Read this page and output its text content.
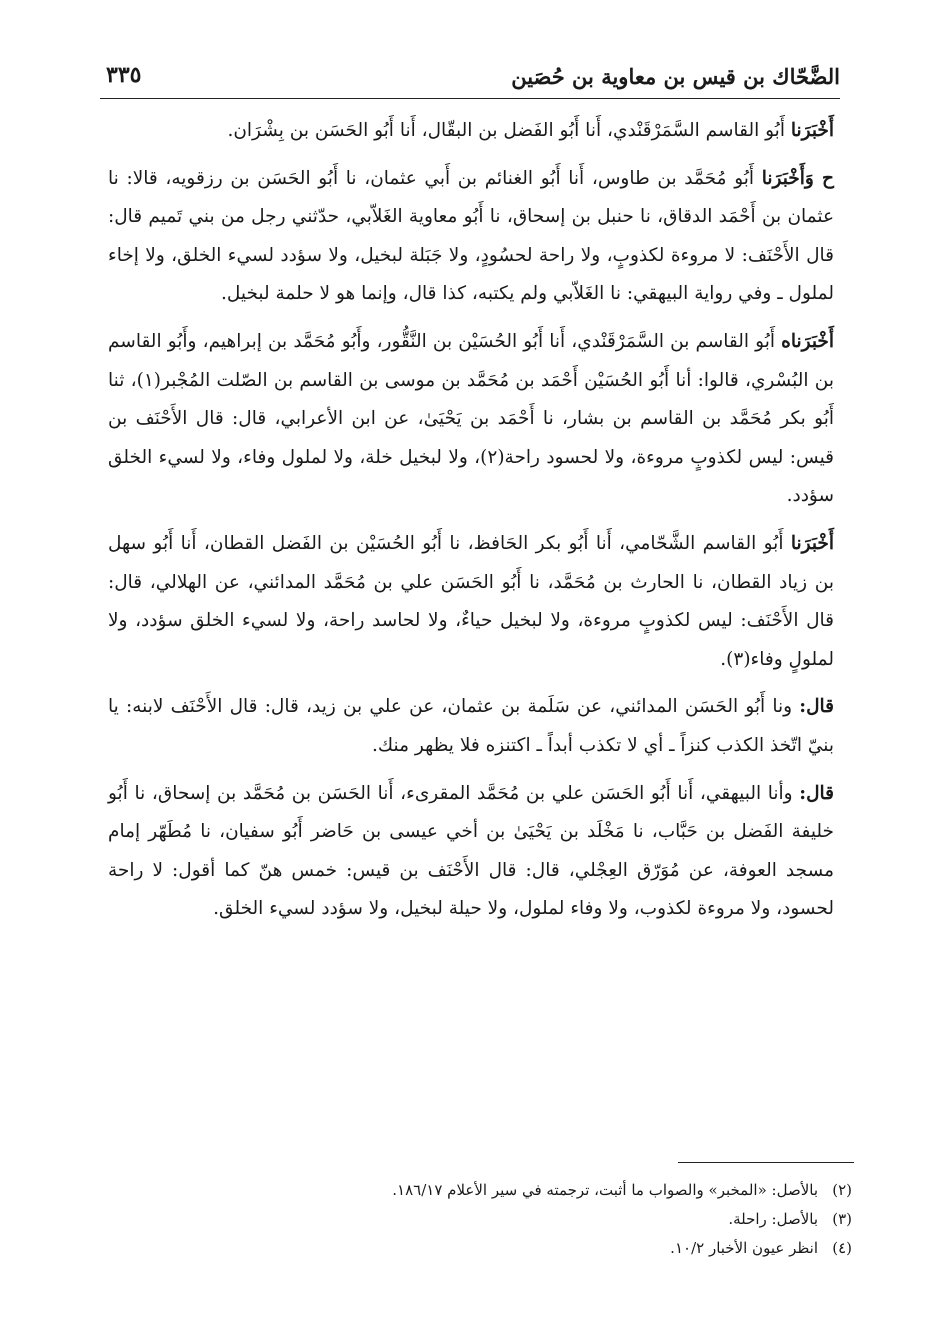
الضَّحّاك بن قيس بن معاوية بن حُصَين
٣٣٥

أَخْبَرَنا أَبُو القاسم السَّمَرْقَنْدي، أَنا أَبُو الفَضل بن البقّال، أَنا أَبُو الحَسَن بن بِشْرَان.

ح وَأَخْبَرَنا أَبُو مُحَمَّد بن طاوس، أَنا أَبُو الغنائم بن أَبي عثمان، نا أَبُو الحَسَن بن رزقويه، قالا: نا عثمان بن أَحْمَد الدقاق، نا حنبل بن إسحاق، نا أَبُو معاوية الغَلاّبي، حدّثني رجل من بني تَميم قال: قال الأَحْنَف: لا مروءة لكذوبٍ، ولا راحة لحسُودٍ، ولا جَبَلة لبخيل، ولا سؤدد لسيء الخلق، ولا إخاء لملول ـ وفي رواية البيهقي: نا الغَلاّبي ولم يكتبه، كذا قال، وإنما هو لا حلمة لبخيل.

أَخْبَرَناه أَبُو القاسم بن السَّمَرْقَنْدي، أَنا أَبُو الحُسَيْن بن النَّقُّور، وأَبُو مُحَمَّد بن إبراهيم، وأَبُو القاسم بن البُسْري، قالوا: أنا أَبُو الحُسَيْن أَحْمَد بن مُحَمَّد بن موسى بن القاسم بن الصّلت المُجْبر(١)، ثنا أَبُو بكر مُحَمَّد بن القاسم بن بشار، نا أَحْمَد بن يَحْيَىٰ، عن ابن الأعرابي، قال: قال الأَحْنَف بن قيس: ليس لكذوبٍ مروءة، ولا لحسود راحة(٢)، ولا لبخيل خلة، ولا لملول وفاء، ولا لسيء الخلق سؤدد.

أَخْبَرَنا أَبُو القاسم الشَّحّامي، أَنا أَبُو بكر الحَافظ، نا أَبُو الحُسَيْن بن الفَضل القطان، أَنا أَبُو سهل بن زياد القطان، نا الحارث بن مُحَمَّد، نا أَبُو الحَسَن علي بن مُحَمَّد المدائني، عن الهلالي، قال: قال الأَحْنَف: ليس لكذوبٍ مروءة، ولا لبخيل حياءٌ، ولا لحاسد راحة، ولا لسيء الخلق سؤدد، ولا لملولٍ وفاء(٣).

قال: ونا أَبُو الحَسَن المدائني، عن سَلَمة بن عثمان، عن علي بن زيد، قال: قال الأَحْنَف لابنه: يا بنيّ اتّخذ الكذب كنزاً ـ أي لا تكذب أبداً ـ اكتنزه فلا يظهر منك.

قال: وأنا البيهقي، أَنا أَبُو الحَسَن علي بن مُحَمَّد المقرىء، أَنا الحَسَن بن مُحَمَّد بن إسحاق، نا أَبُو خليفة الفَضل بن حَبَّاب، نا مَخْلَد بن يَحْيَىٰ بن أخي عيسى بن حَاضر أَبُو سفيان، نا مُطَهّر إمام مسجد العوفة، عن مُوَرّق العِجْلي، قال: قال الأَحْنَف بن قيس: خمس هنّ كما أقول: لا راحة لحسود، ولا مروءة لكذوب، ولا وفاء لملول، ولا حيلة لبخيل، ولا سؤدد لسيء الخلق.

(٢)بالأصل: «المخبر» والصواب ما أثبت، ترجمته في سير الأعلام ١٨٦/١٧.
(٣)بالأصل: راحلة.
(٤)انظر عيون الأخبار ١٠/٢.
